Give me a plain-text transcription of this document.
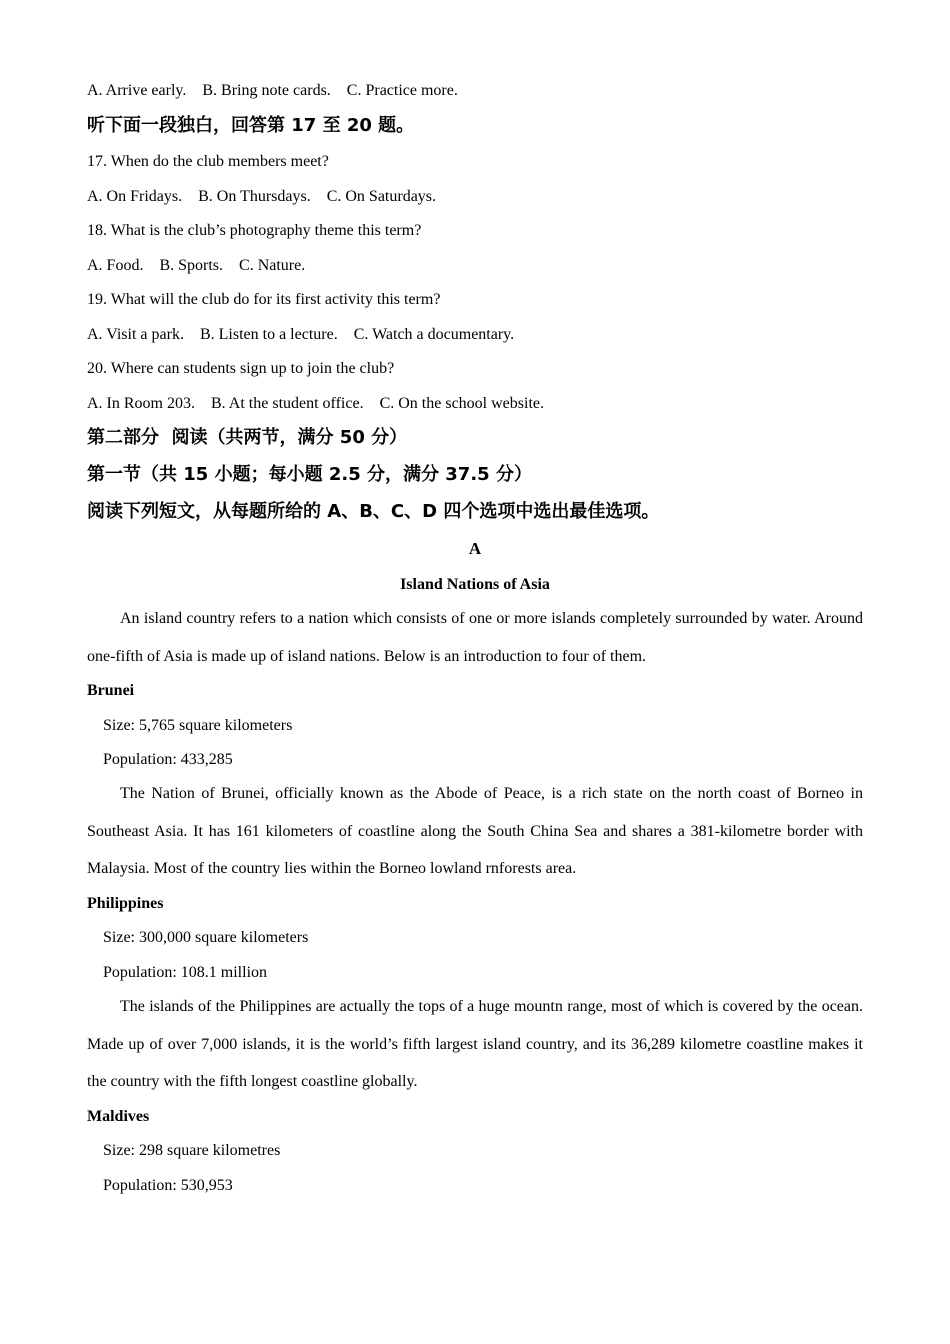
A. Arrive early.    B. Bring note cards.    C. Practice more.
听下面一段独白，回答第 17 至 20 题。
17. When do the club members meet?
A. On Fridays.    B. On Thursdays.    C. On Saturdays.
18. What is the club’s photography theme this term?
A. Food.    B. Sports.    C. Nature.
19. What will the club do for its first activity this term?
A. Visit a park.    B. Listen to a lecture.    C. Watch a documentary.
20. Where can students sign up to join the club?
A. In Room 203.    B. At the student office.    C. On the school website.
第二部分  阅读（共两节，满分 50 分）
第一节（共 15 小题；每小题 2.5 分，满分 37.5 分）
阅读下列短文，从每题所给的 A、B、C、D 四个选项中选出最佳选项。
A
Island Nations of Asia
An island country refers to a nation which consists of one or more islands completely surrounded by water. Around one-fifth of Asia is made up of island nations. Below is an introduction to four of them.
Brunei
Size: 5,765 square kilometers
Population: 433,285
The Nation of Brunei, officially known as the Abode of Peace, is a rich state on the north coast of Borneo in Southeast Asia. It has 161 kilometers of coastline along the South China Sea and shares a 381-kilometre border with Malaysia. Most of the country lies within the Borneo lowland rnforests area.
Philippines
Size: 300,000 square kilometers
Population: 108.1 million
The islands of the Philippines are actually the tops of a huge mountn range, most of which is covered by the ocean. Made up of over 7,000 islands, it is the world’s fifth largest island country, and its 36,289 kilometre coastline makes it the country with the fifth longest coastline globally.
Maldives
Size: 298 square kilometres
Population: 530,953
